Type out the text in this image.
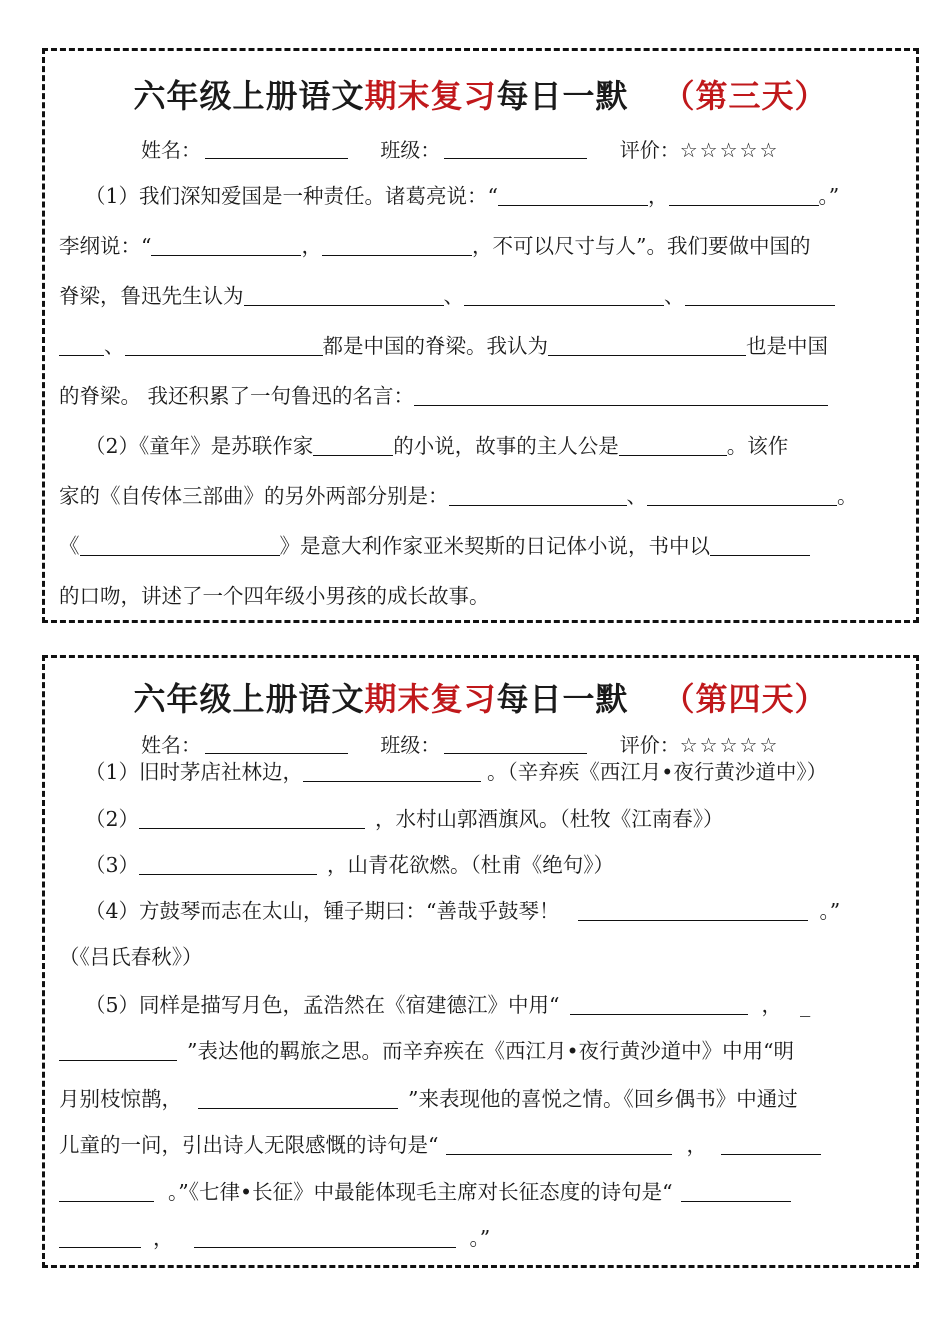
六年级上册语文期末复习每日一默 （第三天）
姓名：	班级：	评价：☆☆☆☆☆
（1）我们深知爱国是一种责任。诸葛亮说：“	，	。”
李纲说：“	，	，不可以尺寸与人”。我们要做中国的
脊梁，鲁迅先生认为	、	、
、	都是中国的脊梁。我认为	也是中国
的脊梁。 我还积累了一句鲁迅的名言：
（2）《童年》是苏联作家	的小说，故事的主人公是	。该作
家的《自传体三部曲》的另外两部分别是：	、	。
《	》是意大利作家亚米契斯的日记体小说，书中以
的口吻，讲述了一个四年级小男孩的成长故事。
六年级上册语文期末复习每日一默 （第四天）
姓名：	班级：	评价：☆☆☆☆☆
（1）旧时茅店社林边，	。（辛弃疾《西江月•夜行黄沙道中》）
（2）	，水村山郭酒旗风。（杜牧《江南春》）
（3）	，山青花欲燃。（杜甫《绝句》）
（4）方鼓琴而志在太山，锺子期曰：“善哉乎鼓琴！	。”
（《吕氏春秋》）
（5）同样是描写月色，孟浩然在《宿建德江》中用“	， _
”表达他的羁旅之思。而辛弃疾在《西江月•夜行黄沙道中》中用“明
月别枝惊鹊，	”来表现他的喜悦之情。《回乡偶书》中通过
儿童的一问，引出诗人无限感慨的诗句是“	，
。”《七律•长征》中最能体现毛主席对长征态度的诗句是“
，	。”
